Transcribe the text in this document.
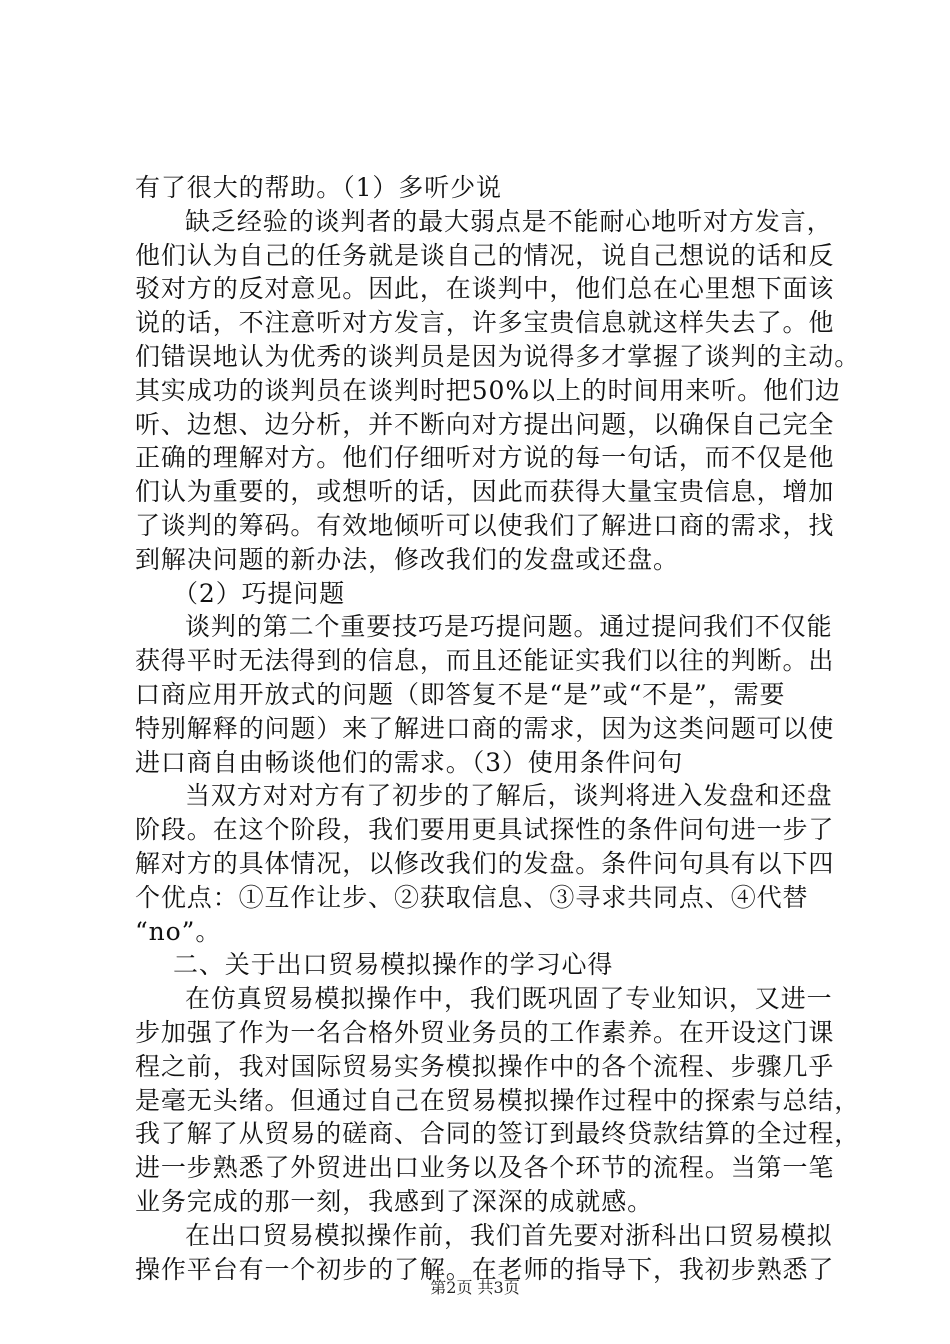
有了很大的帮助。（1）多听少说
缺乏经验的谈判者的最大弱点是不能耐心地听对方发言，
他们认为自己的任务就是谈自己的情况，说自己想说的话和反
驳对方的反对意见。因此，在谈判中，他们总在心里想下面该
说的话，不注意听对方发言，许多宝贵信息就这样失去了。他
们错误地认为优秀的谈判员是因为说得多才掌握了谈判的主动。
其实成功的谈判员在谈判时把50%以上的时间用来听。他们边
听、边想、边分析，并不断向对方提出问题，以确保自己完全
正确的理解对方。他们仔细听对方说的每一句话，而不仅是他
们认为重要的，或想听的话，因此而获得大量宝贵信息，增加
了谈判的筹码。有效地倾听可以使我们了解进口商的需求，找
到解决问题的新办法，修改我们的发盘或还盘。
（2）巧提问题
谈判的第二个重要技巧是巧提问题。通过提问我们不仅能
获得平时无法得到的信息，而且还能证实我们以往的判断。出
口商应用开放式的问题（即答复不是“是”或“不是”，需要
特别解释的问题）来了解进口商的需求，因为这类问题可以使
进口商自由畅谈他们的需求。（3）使用条件问句
当双方对对方有了初步的了解后，谈判将进入发盘和还盘
阶段。在这个阶段，我们要用更具试探性的条件问句进一步了
解对方的具体情况，以修改我们的发盘。条件问句具有以下四
个优点：①互作让步、②获取信息、③寻求共同点、④代替
“no”。
二、关于出口贸易模拟操作的学习心得
在仿真贸易模拟操作中，我们既巩固了专业知识，又进一
步加强了作为一名合格外贸业务员的工作素养。在开设这门课
程之前，我对国际贸易实务模拟操作中的各个流程、步骤几乎
是毫无头绪。但通过自己在贸易模拟操作过程中的探索与总结，
我了解了从贸易的磋商、合同的签订到最终贷款结算的全过程，
进一步熟悉了外贸进出口业务以及各个环节的流程。当第一笔
业务完成的那一刻，我感到了深深的成就感。
在出口贸易模拟操作前，我们首先要对浙科出口贸易模拟
操作平台有一个初步的了解。在老师的指导下，我初步熟悉了
第2页 共3页
